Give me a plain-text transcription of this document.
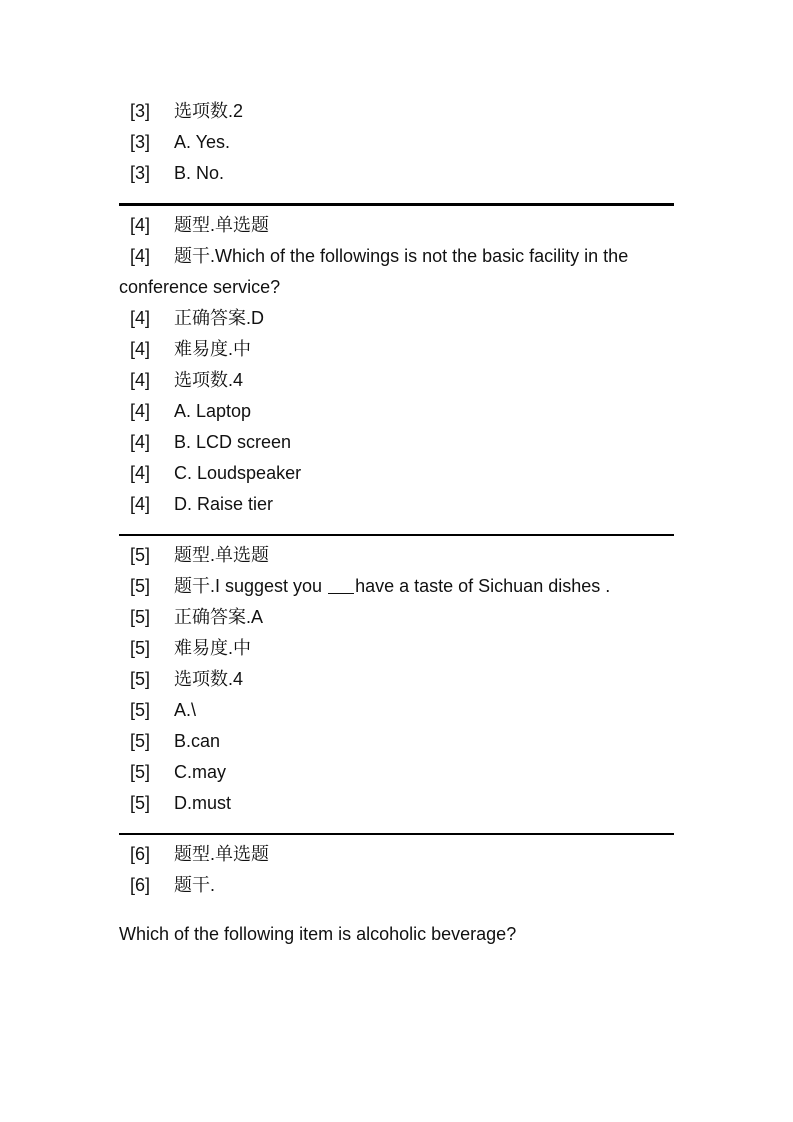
[3] 选项数.2
[3] A. Yes.
[3] B. No.
[4] 题型.单选题
[4] 题干.Which of the followings is not the basic facility in the conference service?
[4] 正确答案.D
[4] 难易度.中
[4] 选项数.4
[4] A. Laptop
[4] B. LCD screen
[4] C. Loudspeaker
[4] D. Raise tier
[5] 题型.单选题
[5] 题干.I suggest you have a taste of Sichuan dishes .
[5] 正确答案.A
[5] 难易度.中
[5] 选项数.4
[5] A.\
[5] B.can
[5] C.may
[5] D.must
[6] 题型.单选题
[6] 题干.
Which of the following item is alcoholic beverage?
